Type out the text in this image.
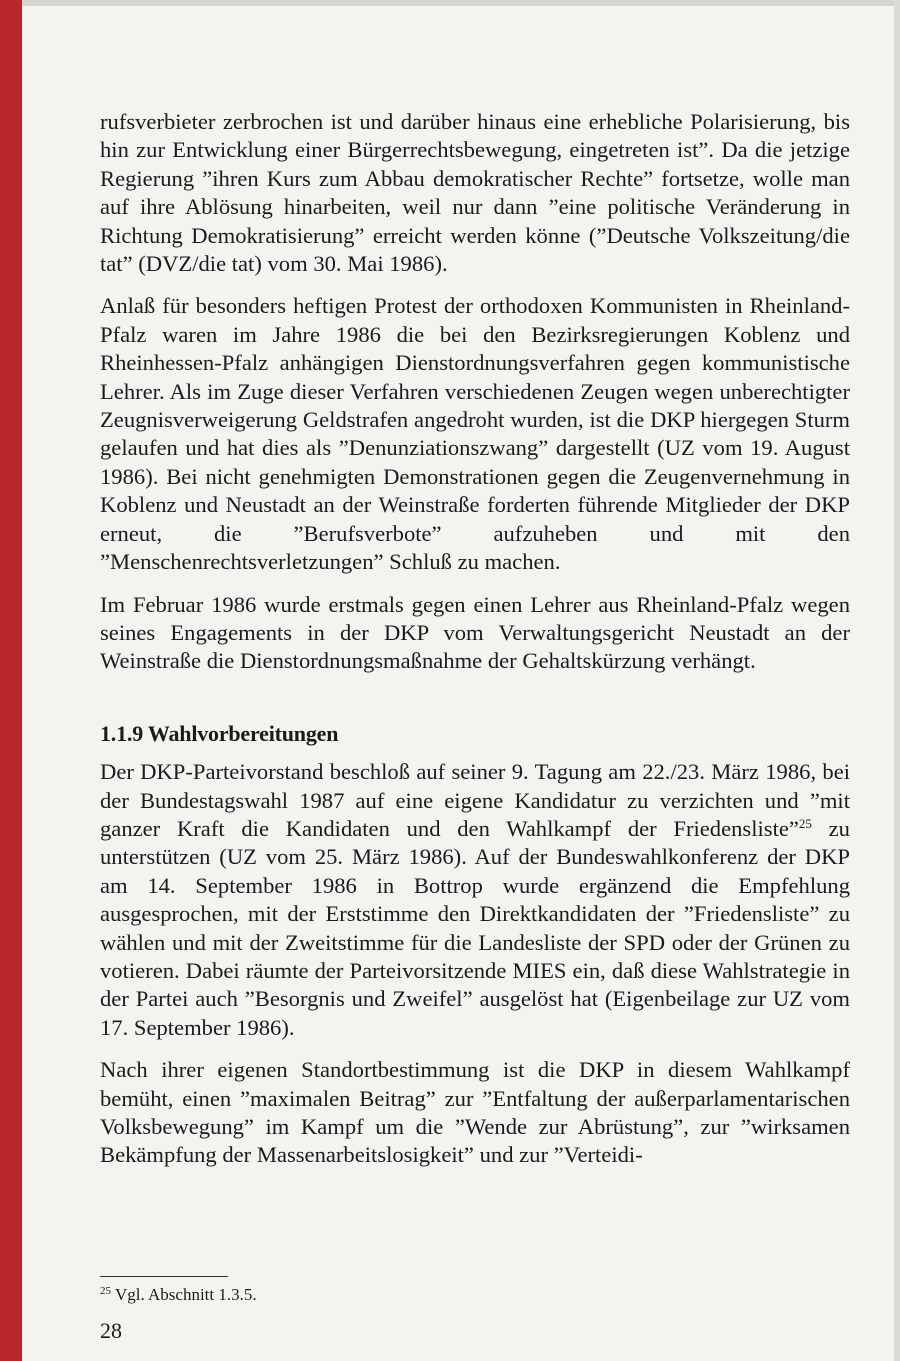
rufsverbieter zerbrochen ist und darüber hinaus eine erhebliche Polarisierung, bis hin zur Entwicklung einer Bürgerrechtsbewegung, eingetreten ist”. Da die jetzige Regierung ”ihren Kurs zum Abbau demokratischer Rechte” fortsetze, wolle man auf ihre Ablösung hinarbeiten, weil nur dann ”eine politische Veränderung in Richtung Demokratisierung” erreicht werden könne (”Deutsche Volkszeitung/die tat” (DVZ/die tat) vom 30. Mai 1986).

Anlaß für besonders heftigen Protest der orthodoxen Kommunisten in Rheinland-Pfalz waren im Jahre 1986 die bei den Bezirksregierungen Koblenz und Rheinhessen-Pfalz anhängigen Dienstordnungsverfahren gegen kommunistische Lehrer. Als im Zuge dieser Verfahren verschiedenen Zeugen wegen unberechtigter Zeugnisverweigerung Geldstrafen angedroht wurden, ist die DKP hiergegen Sturm gelaufen und hat dies als ”Denunziationszwang” dargestellt (UZ vom 19. August 1986). Bei nicht genehmigten Demonstrationen gegen die Zeugenvernehmung in Koblenz und Neustadt an der Weinstraße forderten führende Mitglieder der DKP erneut, die ”Berufsverbote” aufzuheben und mit den ”Menschenrechtsverletzungen” Schluß zu machen.

Im Februar 1986 wurde erstmals gegen einen Lehrer aus Rheinland-Pfalz wegen seines Engagements in der DKP vom Verwaltungsgericht Neustadt an der Weinstraße die Dienstordnungsmaßnahme der Gehaltskürzung verhängt.

1.1.9 Wahlvorbereitungen

Der DKP-Parteivorstand beschloß auf seiner 9. Tagung am 22./23. März 1986, bei der Bundestagswahl 1987 auf eine eigene Kandidatur zu verzichten und ”mit ganzer Kraft die Kandidaten und den Wahlkampf der Friedensliste”$^{25}$ zu unterstützen (UZ vom 25. März 1986). Auf der Bundeswahlkonferenz der DKP am 14. September 1986 in Bottrop wurde ergänzend die Empfehlung ausgesprochen, mit der Erststimme den Direktkandidaten der ”Friedensliste” zu wählen und mit der Zweitstimme für die Landesliste der SPD oder der Grünen zu votieren. Dabei räumte der Parteivorsitzende MIES ein, daß diese Wahlstrategie in der Partei auch ”Besorgnis und Zweifel” ausgelöst hat (Eigenbeilage zur UZ vom 17. September 1986).

Nach ihrer eigenen Standortbestimmung ist die DKP in diesem Wahlkampf bemüht, einen ”maximalen Beitrag” zur ”Entfaltung der außerparlamentarischen Volksbewegung” im Kampf um die ”Wende zur Abrüstung”, zur ”wirksamen Bekämpfung der Massenarbeitslosigkeit” und zur ”Verteidi-

$^{25}$ Vgl. Abschnitt 1.3.5.
28
